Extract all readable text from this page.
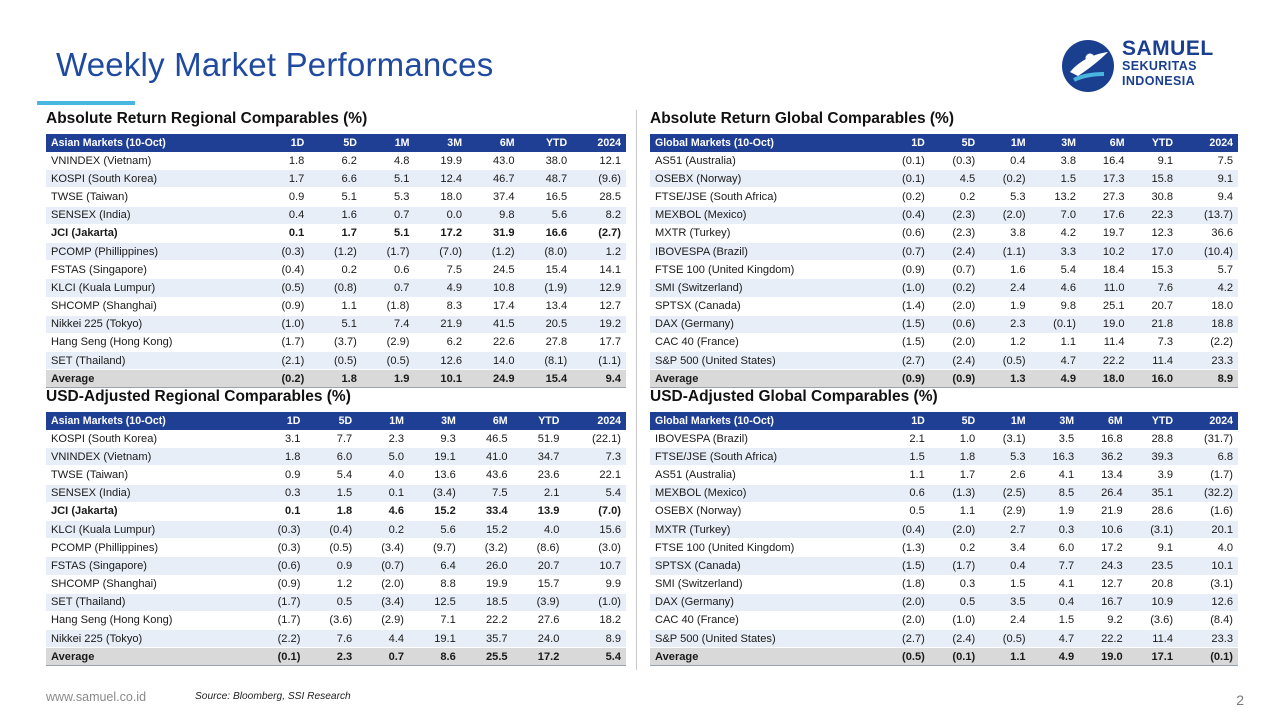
Weekly Market Performances	SAMUEL
SEKURITAS
INDONESIA
Absolute Return Regional Comparables (%)
Asian Markets (10-Oct)	1D	5D	1M	3M	6M	YTD	2024
VNINDEX (Vietnam)	1.8	6.2	4.8	19.9	43.0	38.0	12.1
KOSPI (South Korea)	1.7	6.6	5.1	12.4	46.7	48.7	(9.6)
TWSE (Taiwan)	0.9	5.1	5.3	18.0	37.4	16.5	28.5
SENSEX (India)	0.4	1.6	0.7	0.0	9.8	5.6	8.2
JCI (Jakarta)	0.1	1.7	5.1	17.2	31.9	16.6	(2.7)
PCOMP (Phillippines)	(0.3)	(1.2)	(1.7)	(7.0)	(1.2)	(8.0)	1.2
FSTAS (Singapore)	(0.4)	0.2	0.6	7.5	24.5	15.4	14.1
KLCI (Kuala Lumpur)	(0.5)	(0.8)	0.7	4.9	10.8	(1.9)	12.9
SHCOMP (Shanghai)	(0.9)	1.1	(1.8)	8.3	17.4	13.4	12.7
Nikkei 225 (Tokyo)	(1.0)	5.1	7.4	21.9	41.5	20.5	19.2
Hang Seng (Hong Kong)	(1.7)	(3.7)	(2.9)	6.2	22.6	27.8	17.7
SET (Thailand)	(2.1)	(0.5)	(0.5)	12.6	14.0	(8.1)	(1.1)
Average	(0.2)	1.8	1.9	10.1	24.9	15.4	9.4
Absolute Return Global Comparables (%)
Global Markets (10-Oct)	1D	5D	1M	3M	6M	YTD	2024
AS51 (Australia)	(0.1)	(0.3)	0.4	3.8	16.4	9.1	7.5
OSEBX (Norway)	(0.1)	4.5	(0.2)	1.5	17.3	15.8	9.1
FTSE/JSE (South Africa)	(0.2)	0.2	5.3	13.2	27.3	30.8	9.4
MEXBOL (Mexico)	(0.4)	(2.3)	(2.0)	7.0	17.6	22.3	(13.7)
MXTR (Turkey)	(0.6)	(2.3)	3.8	4.2	19.7	12.3	36.6
IBOVESPA (Brazil)	(0.7)	(2.4)	(1.1)	3.3	10.2	17.0	(10.4)
FTSE 100 (United Kingdom)	(0.9)	(0.7)	1.6	5.4	18.4	15.3	5.7
SMI (Switzerland)	(1.0)	(0.2)	2.4	4.6	11.0	7.6	4.2
SPTSX (Canada)	(1.4)	(2.0)	1.9	9.8	25.1	20.7	18.0
DAX (Germany)	(1.5)	(0.6)	2.3	(0.1)	19.0	21.8	18.8
CAC 40 (France)	(1.5)	(2.0)	1.2	1.1	11.4	7.3	(2.2)
S&P 500 (United States)	(2.7)	(2.4)	(0.5)	4.7	22.2	11.4	23.3
Average	(0.9)	(0.9)	1.3	4.9	18.0	16.0	8.9
USD-Adjusted Regional Comparables (%)
Asian Markets (10-Oct)	1D	5D	1M	3M	6M	YTD	2024
KOSPI (South Korea)	3.1	7.7	2.3	9.3	46.5	51.9	(22.1)
VNINDEX (Vietnam)	1.8	6.0	5.0	19.1	41.0	34.7	7.3
TWSE (Taiwan)	0.9	5.4	4.0	13.6	43.6	23.6	22.1
SENSEX (India)	0.3	1.5	0.1	(3.4)	7.5	2.1	5.4
JCI (Jakarta)	0.1	1.8	4.6	15.2	33.4	13.9	(7.0)
KLCI (Kuala Lumpur)	(0.3)	(0.4)	0.2	5.6	15.2	4.0	15.6
PCOMP (Phillippines)	(0.3)	(0.5)	(3.4)	(9.7)	(3.2)	(8.6)	(3.0)
FSTAS (Singapore)	(0.6)	0.9	(0.7)	6.4	26.0	20.7	10.7
SHCOMP (Shanghai)	(0.9)	1.2	(2.0)	8.8	19.9	15.7	9.9
SET (Thailand)	(1.7)	0.5	(3.4)	12.5	18.5	(3.9)	(1.0)
Hang Seng (Hong Kong)	(1.7)	(3.6)	(2.9)	7.1	22.2	27.6	18.2
Nikkei 225 (Tokyo)	(2.2)	7.6	4.4	19.1	35.7	24.0	8.9
Average	(0.1)	2.3	0.7	8.6	25.5	17.2	5.4
USD-Adjusted Global Comparables (%)
Global Markets (10-Oct)	1D	5D	1M	3M	6M	YTD	2024
IBOVESPA (Brazil)	2.1	1.0	(3.1)	3.5	16.8	28.8	(31.7)
FTSE/JSE (South Africa)	1.5	1.8	5.3	16.3	36.2	39.3	6.8
AS51 (Australia)	1.1	1.7	2.6	4.1	13.4	3.9	(1.7)
MEXBOL (Mexico)	0.6	(1.3)	(2.5)	8.5	26.4	35.1	(32.2)
OSEBX (Norway)	0.5	1.1	(2.9)	1.9	21.9	28.6	(1.6)
MXTR (Turkey)	(0.4)	(2.0)	2.7	0.3	10.6	(3.1)	20.1
FTSE 100 (United Kingdom)	(1.3)	0.2	3.4	6.0	17.2	9.1	4.0
SPTSX (Canada)	(1.5)	(1.7)	0.4	7.7	24.3	23.5	10.1
SMI (Switzerland)	(1.8)	0.3	1.5	4.1	12.7	20.8	(3.1)
DAX (Germany)	(2.0)	0.5	3.5	0.4	16.7	10.9	12.6
CAC 40 (France)	(2.0)	(1.0)	2.4	1.5	9.2	(3.6)	(8.4)
S&P 500 (United States)	(2.7)	(2.4)	(0.5)	4.7	22.2	11.4	23.3
Average	(0.5)	(0.1)	1.1	4.9	19.0	17.1	(0.1)
www.samuel.co.id	Source: Bloomberg, SSI Research	2
